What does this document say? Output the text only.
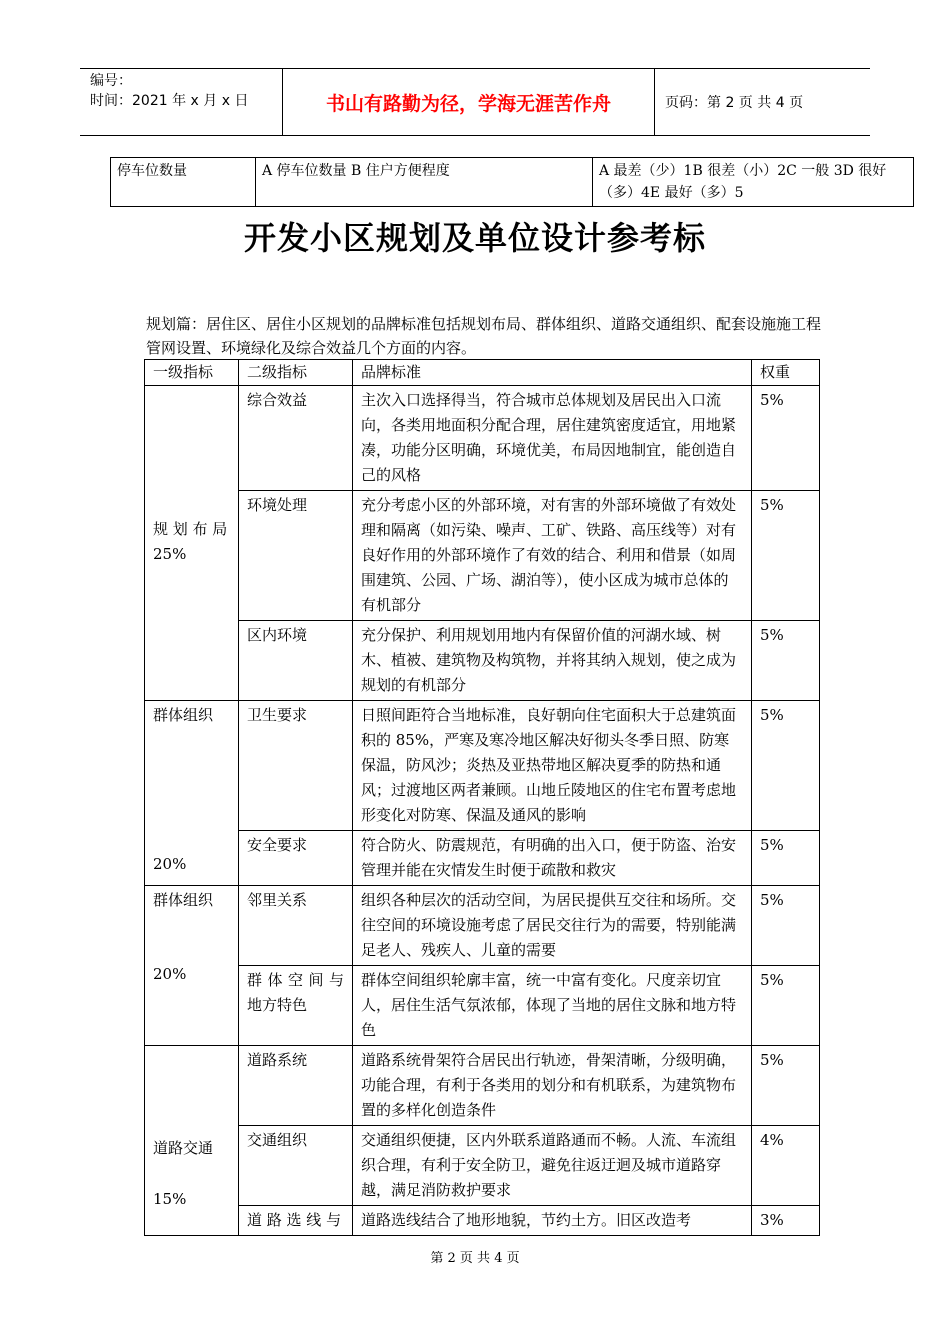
编号：
时间：2021 年 x 月 x 日	书山有路勤为径，学海无涯苦作舟	页码：第 2 页 共 4 页
停车位数量	A 停车位数量 B 住户方便程度	A 最差（少）1B 很差（小）2C 一般 3D 很好（多）4E 最好（多）5
开发小区规划及单位设计参考标
规划篇：居住区、居住小区规划的品牌标准包括规划布局、群体组织、道路交通组织、配套设施施工程管网设置、环境绿化及综合效益几个方面的内容。
一级指标	二级指标	品牌标准	权重
规 划 布 局
25%	综合效益	主次入口选择得当，符合城市总体规划及居民出入口流向，各类用地面积分配合理，居住建筑密度适宜，用地紧凑，功能分区明确，环境优美，布局因地制宜，能创造自己的风格	5%
	环境处理	充分考虑小区的外部环境，对有害的外部环境做了有效处理和隔离（如污染、噪声、工矿、铁路、高压线等）对有良好作用的外部环境作了有效的结合、利用和借景（如周围建筑、公园、广场、湖泊等），使小区成为城市总体的有机部分	5%
	区内环境	充分保护、利用规划用地内有保留价值的河湖水域、树木、植被、建筑物及构筑物，并将其纳入规划，使之成为规划的有机部分	5%

群体组织
20%	卫生要求	日照间距符合当地标准，良好朝向住宅面积大于总建筑面积的 85%，严寒及寒冷地区解决好彻头冬季日照、防寒保温，防风沙；炎热及亚热带地区解决夏季的防热和通风；过渡地区两者兼顾。山地丘陵地区的住宅布置考虑地形变化对防寒、保温及通风的影响	5%
	安全要求	符合防火、防震规范，有明确的出入口，便于防盗、治安管理并能在灾情发生时便于疏散和救灾	5%

群体组织
20%	邻里关系	组织各种层次的活动空间，为居民提供互交往和场所。交往空间的环境设施考虑了居民交往行为的需要，特别能满足老人、残疾人、儿童的需要	5%
	群 体 空 间 与 地方特色	群体空间组织轮廓丰富，统一中富有变化。尺度亲切宜人，居住生活气氛浓郁，体现了当地的居住文脉和地方特色	5%

道路交通
15%	道路系统	道路系统骨架符合居民出行轨迹，骨架清晰，分级明确，功能合理，有利于各类用的划分和有机联系，为建筑物布置的多样化创造条件	5%
	交通组织	交通组织便捷，区内外联系道路通而不畅。人流、车流组织合理，有利于安全防卫，避免往返迂迴及城市道路穿越，满足消防救护要求	4%
	道 路 选 线 与	道路选线结合了地形地貌，节约土方。旧区改造考	3%
第 2 页 共 4 页
